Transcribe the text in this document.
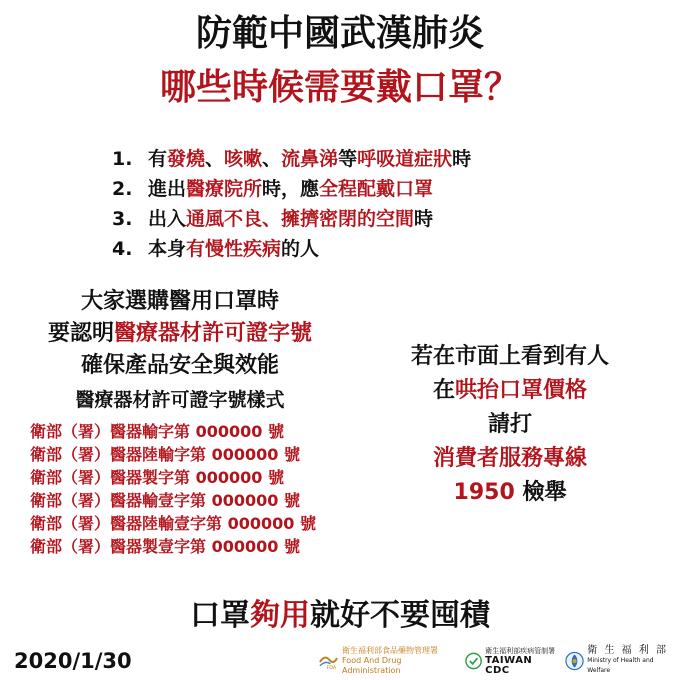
防範中國武漢肺炎
哪些時候需要戴口罩？
1. 有發燒、咳嗽、流鼻涕等呼吸道症狀時
2. 進出醫療院所時，應全程配戴口罩
3. 出入通風不良、擁擠密閉的空間時
4. 本身有慢性疾病的人
大家選購醫用口罩時
要認明醫療器材許可證字號
確保產品安全與效能
醫療器材許可證字號樣式
衛部（署）醫器輸字第 000000 號
衛部（署）醫器陸輸字第 000000 號
衛部（署）醫器製字第 000000 號
衛部（署）醫器輸壹字第 000000 號
衛部（署）醫器陸輸壹字第 000000 號
衛部（署）醫器製壹字第 000000 號
若在市面上看到有人
在哄抬口罩價格
請打
消費者服務專線
1950 檢舉
口罩夠用就好不要囤積
2020/1/30	FDA
衛生福利部食品藥物管理署
Food And Drug Administration
衛生福利部疾病管制署
TAIWAN CDC
衛 生 福 利 部
Ministry of Health and Welfare
